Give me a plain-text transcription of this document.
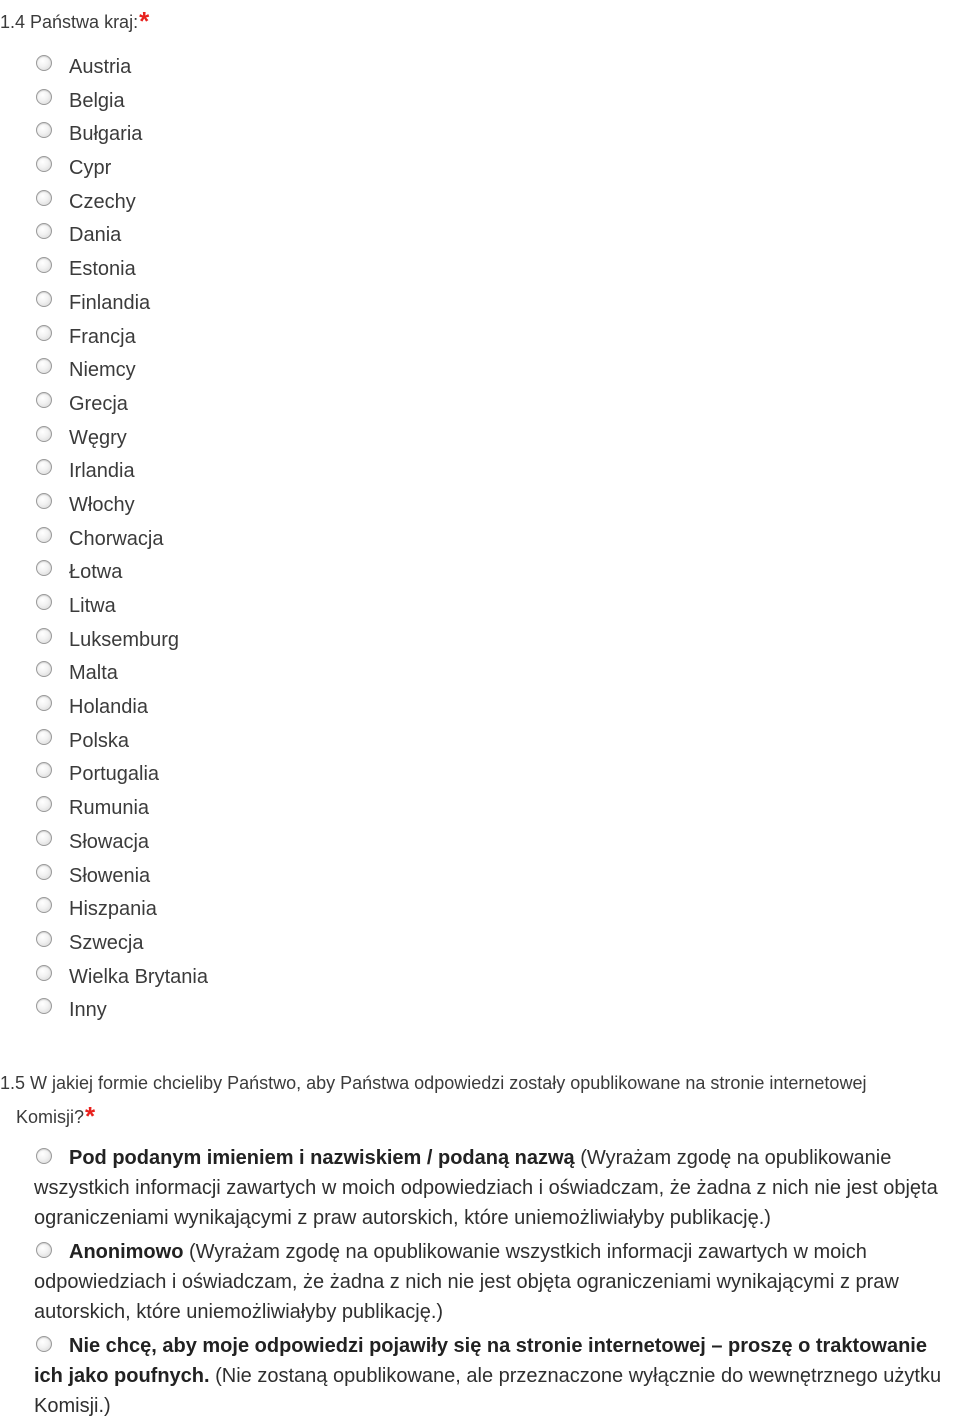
1.4 Państwa kraj:*
Austria
Belgia
Bułgaria
Cypr
Czechy
Dania
Estonia
Finlandia
Francja
Niemcy
Grecja
Węgry
Irlandia
Włochy
Chorwacja
Łotwa
Litwa
Luksemburg
Malta
Holandia
Polska
Portugalia
Rumunia
Słowacja
Słowenia
Hiszpania
Szwecja
Wielka Brytania
Inny
1.5 W jakiej formie chcieliby Państwo, aby Państwa odpowiedzi zostały opublikowane na stronie internetowej
Komisji?*
Pod podanym imieniem i nazwiskiem / podaną nazwą (Wyrażam zgodę na opublikowanie wszystkich informacji zawartych w moich odpowiedziach i oświadczam, że żadna z nich nie jest objęta ograniczeniami wynikającymi z praw autorskich, które uniemożliwiałyby publikację.)
Anonimowo (Wyrażam zgodę na opublikowanie wszystkich informacji zawartych w moich odpowiedziach i oświadczam, że żadna z nich nie jest objęta ograniczeniami wynikającymi z praw autorskich, które uniemożliwiałyby publikację.)
Nie chcę, aby moje odpowiedzi pojawiły się na stronie internetowej – proszę o traktowanie ich jako poufnych. (Nie zostaną opublikowane, ale przeznaczone wyłącznie do wewnętrznego użytku Komisji.)
